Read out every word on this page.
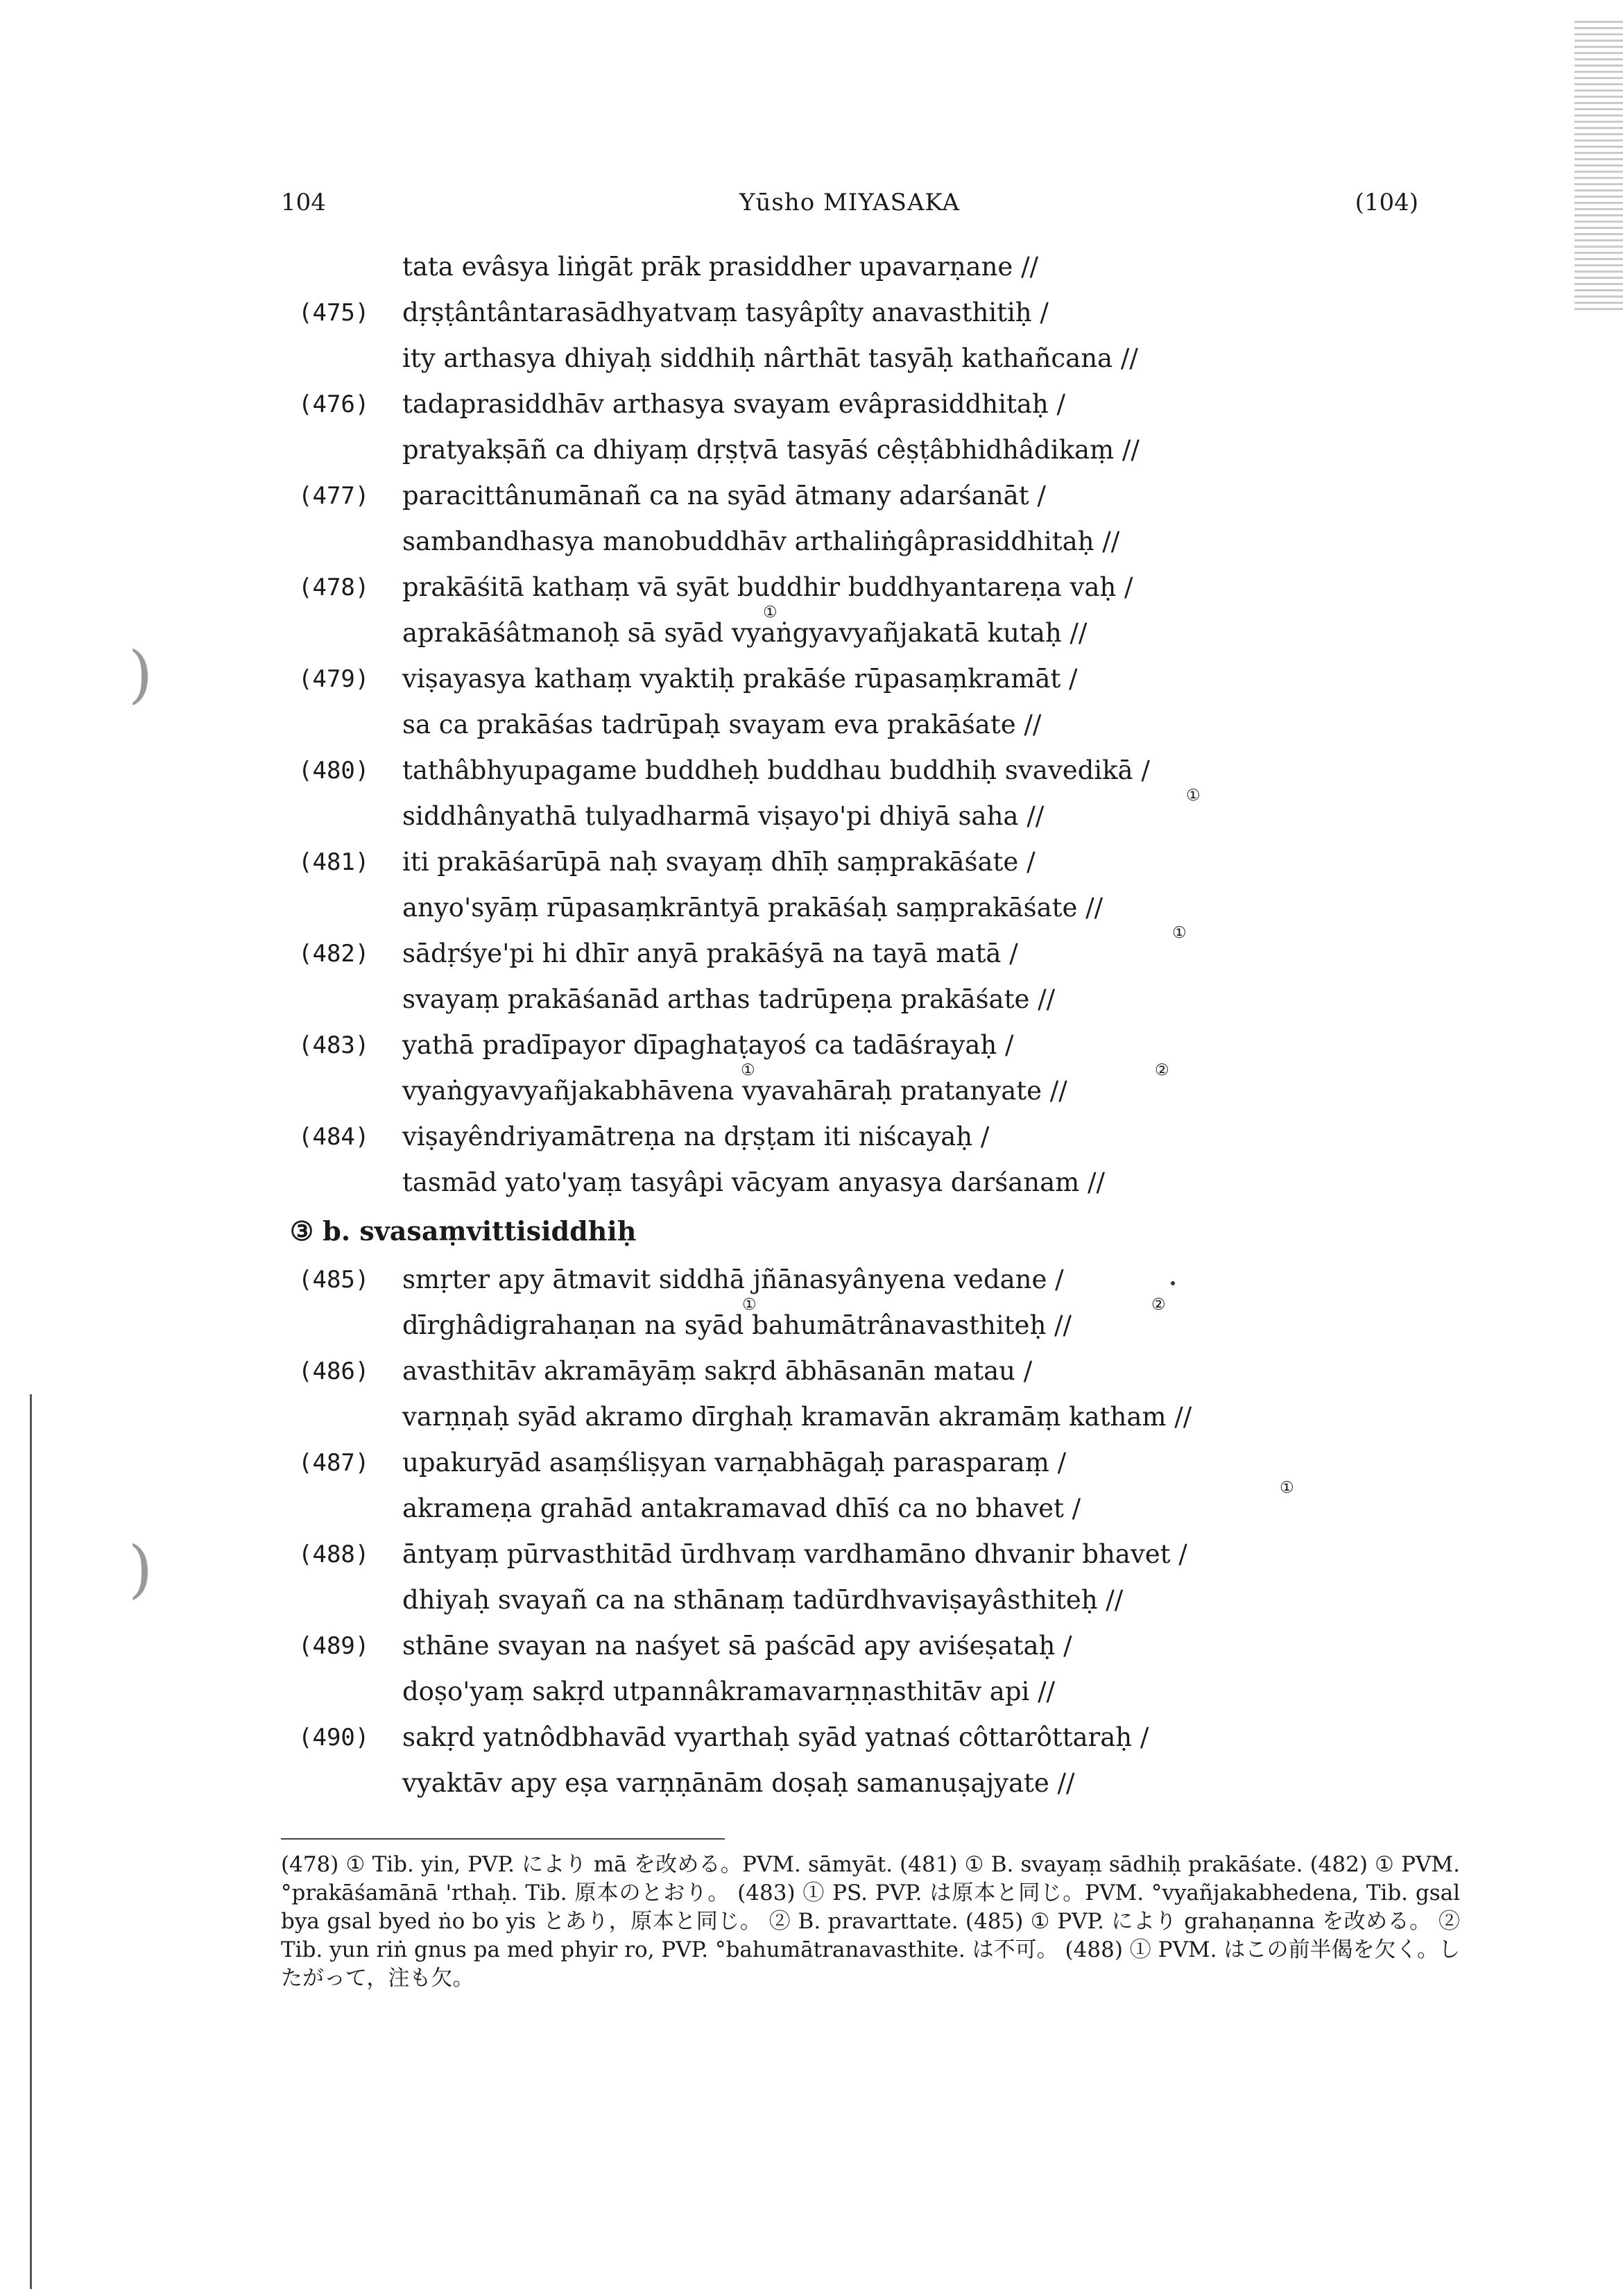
)
)
104	Yūsho MIYASAKA	(104)
tata evâsya liṅgāt prāk prasiddher upavarṇane //
(475) dṛṣṭântântarasādhyatvaṃ tasyâpîty anavasthitiḥ /
ity arthasya dhiyaḥ siddhiḥ nârthāt tasyāḥ kathañcana //
(476) tadaprasiddhāv arthasya svayam evâprasiddhitaḥ /
pratyakṣāñ ca dhiyaṃ dṛṣṭvā tasyāś cêṣṭâbhidhâdikaṃ //
(477) paracittânumānañ ca na syād ātmany adarśanāt /
sambandhasya manobuddhāv arthaliṅgâprasiddhitaḥ //
(478) prakāśitā kathaṃ vā syāt buddhir buddhyantareṇa vaḥ /
aprakāśâtmanoḥ sā syād vyaṅgyavyañjakatā kutaḥ //
①
(479) viṣayasya kathaṃ vyaktiḥ prakāśe rūpasaṃkramāt /
sa ca prakāśas tadrūpaḥ svayam eva prakāśate //
(480) tathâbhyupagame buddheḥ buddhau buddhiḥ svavedikā /
siddhânyathā tulyadharmā viṣayo'pi dhiyā saha //
①
(481) iti prakāśarūpā naḥ svayaṃ dhīḥ saṃprakāśate /
anyo'syāṃ rūpasaṃkrāntyā prakāśaḥ saṃprakāśate //
(482) sādṛśye'pi hi dhīr anyā prakāśyā na tayā matā /
①
svayaṃ prakāśanād arthas tadrūpeṇa prakāśate //
(483) yathā pradīpayor dīpaghaṭayoś ca tadāśrayaḥ /
vyaṅgyavyañjakabhāvena vyavahāraḥ pratanyate //
①	②
(484) viṣayêndriyamātreṇa na dṛṣṭam iti niścayaḥ /
tasmād yato'yaṃ tasyâpi vācyam anyasya darśanam //
③ b. svasaṃvittisiddhiḥ
(485) smṛter apy ātmavit siddhā jñānasyânyena vedane /
dīrghâdigrahaṇan na syād bahumātrânavasthiteḥ //
①	②
(486) avasthitāv akramāyāṃ sakṛd ābhāsanān matau /
varṇṇaḥ syād akramo dīrghaḥ kramavān akramāṃ katham //
(487) upakuryād asaṃśliṣyan varṇabhāgaḥ parasparaṃ /
akrameṇa grahād antakramavad dhīś ca no bhavet /
①
(488) āntyaṃ pūrvasthitād ūrdhvaṃ vardhamāno dhvanir bhavet /
dhiyaḥ svayañ ca na sthānaṃ tadūrdhvaviṣayâsthiteḥ //
(489) sthāne svayan na naśyet sā paścād apy aviśeṣataḥ /
doṣo'yaṃ sakṛd utpannâkramavarṇṇasthitāv api //
(490) sakṛd yatnôdbhavād vyarthaḥ syād yatnaś côttarôttaraḥ /
vyaktāv apy eṣa varṇṇānām doṣaḥ samanuṣajyate //

(478) ① Tib. yin, PVP. により mā を改める。PVM. sāmyāt. (481) ① B. svayaṃ sādhiḥ prakāśate. (482) ① PVM. °prakāśamānā 'rthaḥ. Tib. 原本のとおり。 (483) ① PS. PVP. は原本と同じ。PVM. °vyañjakabhedena, Tib. gsal bya gsal byed ṅo bo yis とあり，原本と同じ。 ② B. pravarttate. (485) ① PVP. により grahaṇanna を改める。 ② Tib. yun riṅ gnus pa med phyir ro, PVP. °bahumātranavasthite. は不可。 (488) ① PVM. はこの前半偈を欠く。したがって，注も欠。
